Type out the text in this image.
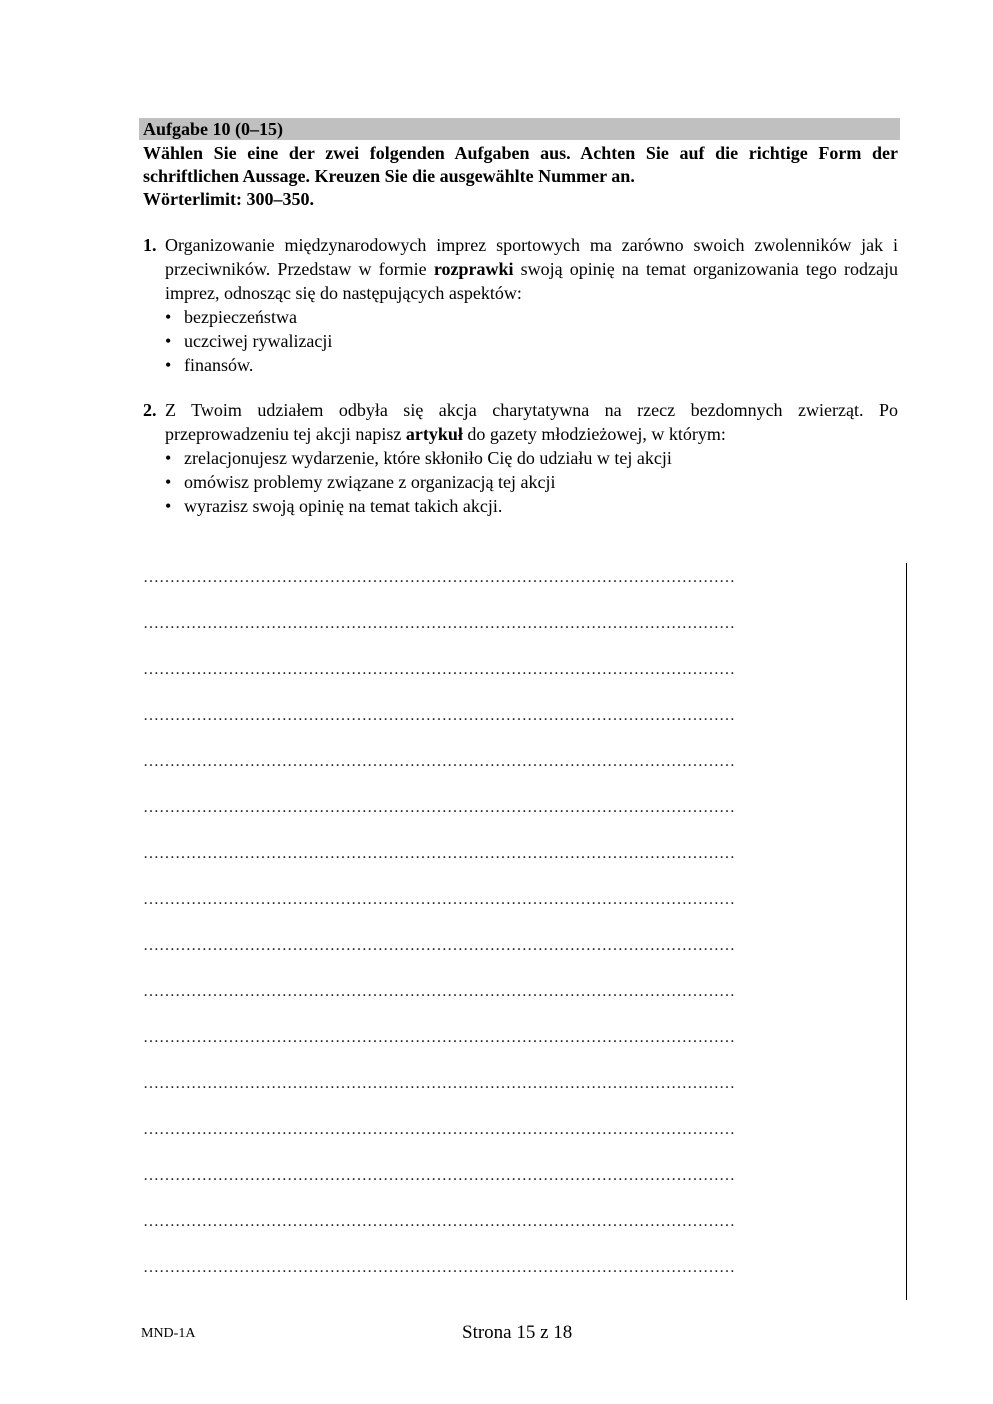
Aufgabe 10 (0–15)
Wählen Sie eine der zwei folgenden Aufgaben aus. Achten Sie auf die richtige Form der schriftlichen Aussage. Kreuzen Sie die ausgewählte Nummer an.
Wörterlimit: 300–350.
1. Organizowanie międzynarodowych imprez sportowych ma zarówno swoich zwolenników jak i przeciwników. Przedstaw w formie rozprawki swoją opinię na temat organizowania tego rodzaju imprez, odnosząc się do następujących aspektów:
• bezpieczeństwa
• uczciwej rywalizacji
• finansów.
2. Z Twoim udziałem odbyła się akcja charytatywna na rzecz bezdomnych zwierząt. Po przeprowadzeniu tej akcji napisz artykuł do gazety młodzieżowej, w którym:
• zrelacjonujesz wydarzenie, które skłoniło Cię do udziału w tej akcji
• omówisz problemy związane z organizacją tej akcji
• wyrazisz swoją opinię na temat takich akcji.
…………………………………………………………………………………………………
…………………………………………………………………………………………………
…………………………………………………………………………………………………
…………………………………………………………………………………………………
…………………………………………………………………………………………………
…………………………………………………………………………………………………
…………………………………………………………………………………………………
…………………………………………………………………………………………………
…………………………………………………………………………………………………
…………………………………………………………………………………………………
…………………………………………………………………………………………………
…………………………………………………………………………………………………
…………………………………………………………………………………………………
…………………………………………………………………………………………………
…………………………………………………………………………………………………
…………………………………………………………………………………………………
MND-1A	Strona 15 z 18
